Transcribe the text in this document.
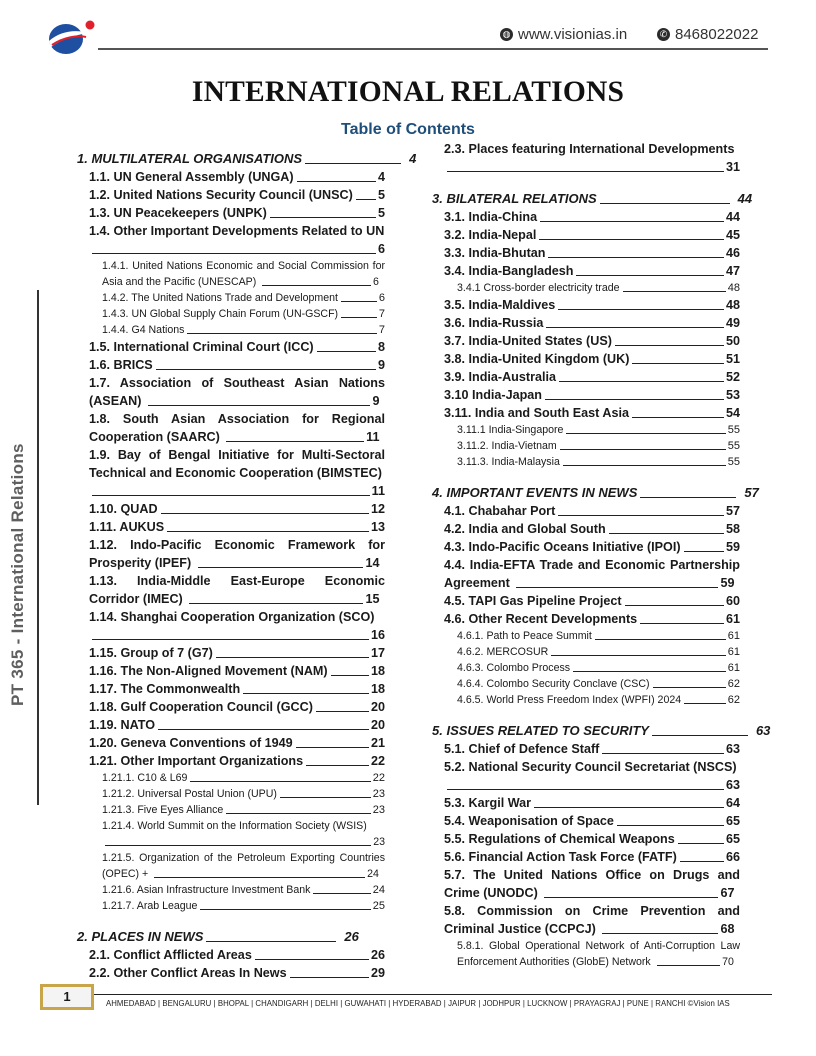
◍ www.visionias.in	✆ 8468022022
PT 365 - International Relations
INTERNATIONAL RELATIONS
Table of Contents
1. MULTILATERAL ORGANISATIONS	4
1.1. UN General Assembly (UNGA)	4
1.2. United Nations Security Council (UNSC) 5
1.3. UN Peacekeepers (UNPK)	5
1.4. Other Important Developments Related to UN
6
1.4.1. United Nations Economic and Social Commission for Asia and the Pacific (UNESCAP)	6
1.4.2. The United Nations Trade and Development	6
1.4.3. UN Global Supply Chain Forum (UN-GSCF)	7
1.4.4. G4 Nations	7
1.5. International Criminal Court (ICC)	8
1.6. BRICS	9
1.7. Association of Southeast Asian Nations (ASEAN)	9
1.8. South Asian Association for Regional Cooperation (SAARC)	11
1.9. Bay of Bengal Initiative for Multi-Sectoral Technical and Economic Cooperation (BIMSTEC)
11
1.10. QUAD	12
1.11. AUKUS	13
1.12. Indo-Pacific Economic Framework for Prosperity (IPEF)	14
1.13. India-Middle East-Europe Economic Corridor (IMEC)	15
1.14. Shanghai Cooperation Organization (SCO)
16
1.15. Group of 7 (G7)	17
1.16. The Non-Aligned Movement (NAM)	18
1.17. The Commonwealth	18
1.18. Gulf Cooperation Council (GCC)	20
1.19. NATO	20
1.20. Geneva Conventions of 1949	21
1.21. Other Important Organizations	22
1.21.1. C10 & L69	22
1.21.2. Universal Postal Union (UPU)	23
1.21.3. Five Eyes Alliance	23
1.21.4. World Summit on the Information Society (WSIS)
23
1.21.5. Organization of the Petroleum Exporting Countries (OPEC) +	24
1.21.6. Asian Infrastructure Investment Bank	24
1.21.7. Arab League	25
2. PLACES IN NEWS	26
2.1. Conflict Afflicted Areas	26
2.2. Other Conflict Areas In News	29
2.3. Places featuring International Developments
31
3. BILATERAL RELATIONS	44
3.1. India-China	44
3.2. India-Nepal	45
3.3. India-Bhutan	46
3.4. India-Bangladesh	47
3.4.1 Cross-border electricity trade	48
3.5. India-Maldives	48
3.6. India-Russia	49
3.7. India-United States (US)	50
3.8. India-United Kingdom (UK)	51
3.9. India-Australia	52
3.10 India-Japan	53
3.11. India and South East Asia	54
3.11.1 India-Singapore	55
3.11.2. India-Vietnam	55
3.11.3. India-Malaysia	55
4. IMPORTANT EVENTS IN NEWS	57
4.1. Chabahar Port	57
4.2. India and Global South	58
4.3. Indo-Pacific Oceans Initiative (IPOI)	59
4.4. India-EFTA Trade and Economic Partnership Agreement	59
4.5. TAPI Gas Pipeline Project	60
4.6. Other Recent Developments	61
4.6.1. Path to Peace Summit	61
4.6.2. MERCOSUR	61
4.6.3. Colombo Process	61
4.6.4. Colombo Security Conclave (CSC)	62
4.6.5. World Press Freedom Index (WPFI) 2024	62
5. ISSUES RELATED TO SECURITY	63
5.1. Chief of Defence Staff	63
5.2. National Security Council Secretariat (NSCS)
63
5.3. Kargil War	64
5.4. Weaponisation of Space	65
5.5. Regulations of Chemical Weapons	65
5.6. Financial Action Task Force (FATF)	66
5.7. The United Nations Office on Drugs and Crime (UNODC)	67
5.8. Commission on Crime Prevention and Criminal Justice (CCPCJ)	68
5.8.1. Global Operational Network of Anti-Corruption Law Enforcement Authorities (GlobE) Network	70
1	AHMEDABAD | BENGALURU | BHOPAL | CHANDIGARH | DELHI | GUWAHATI | HYDERABAD | JAIPUR | JODHPUR | LUCKNOW | PRAYAGRAJ | PUNE | RANCHI ©Vision IAS
